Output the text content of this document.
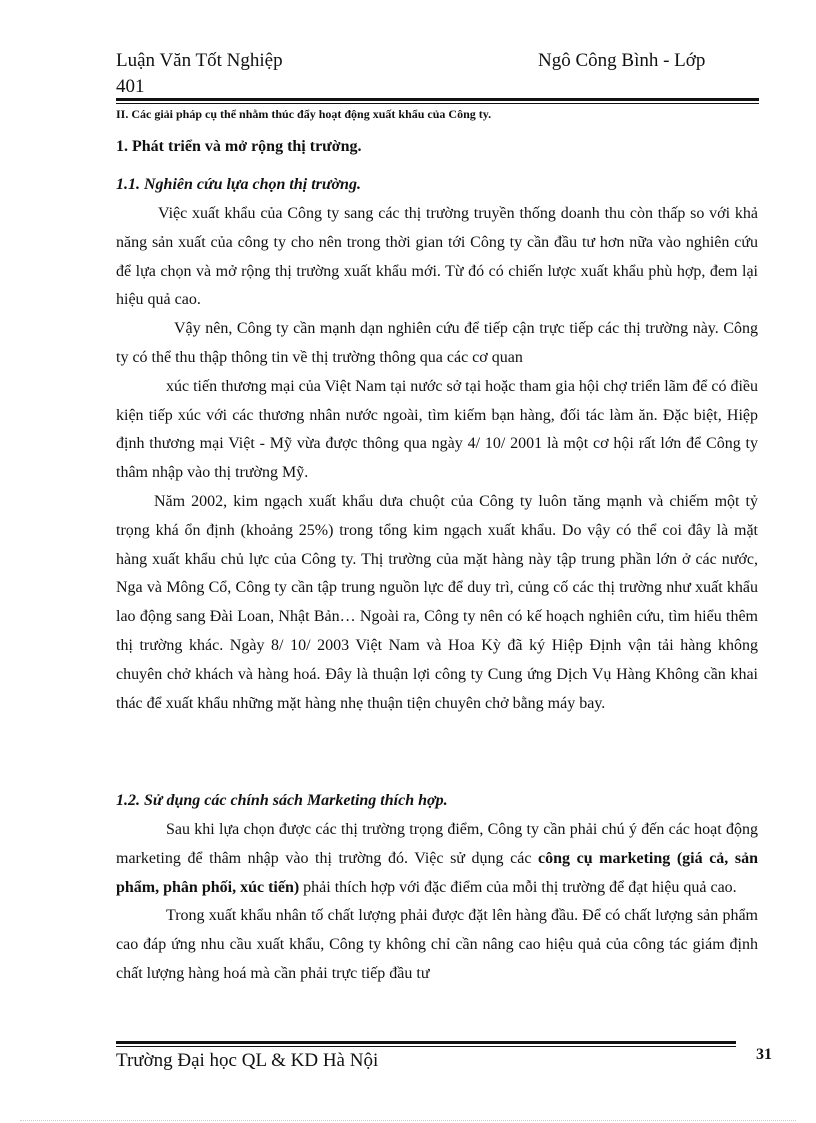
Luận Văn Tốt Nghiệp
401
Ngô Công Bình - Lớp
II. Các giải pháp cụ thể nhằm thúc đẩy hoạt động xuất khẩu của Công ty.
1. Phát triển và mở rộng thị trường.
1.1. Nghiên cứu lựa chọn thị trường.

Việc xuất khẩu của Công ty sang các thị trường truyền thống doanh thu còn thấp so với khả năng sản xuất của công ty cho nên trong thời gian tới Công ty cần đầu tư hơn nữa vào nghiên cứu để lựa chọn và mở rộng thị trường xuất khẩu mới. Từ đó có chiến lược xuất khẩu phù hợp, đem lại hiệu quả cao.

Vậy nên, Công ty cần mạnh dạn nghiên cứu để tiếp cận trực tiếp các thị trường này. Công ty có thể thu thập thông tin về thị trường thông qua các cơ quan
xúc tiến thương mại của Việt Nam tại nước sở tại hoặc tham gia hội chợ triển lãm để có điều kiện tiếp xúc với các thương nhân nước ngoài, tìm kiếm bạn hàng, đối tác làm ăn. Đặc biệt, Hiệp định thương mại Việt - Mỹ vừa được thông qua ngày 4/ 10/ 2001 là một cơ hội rất lớn để Công ty thâm nhập vào thị trường Mỹ.

Năm 2002, kim ngạch xuất khẩu dưa chuột của Công ty luôn tăng mạnh và chiếm một tỷ trọng khá ổn định (khoảng 25%) trong tổng kim ngạch xuất khẩu. Do vậy có thể coi đây là mặt hàng xuất khẩu chủ lực của Công ty. Thị trường của mặt hàng này tập trung phần lớn ở các nước, Nga và Mông Cổ, Công ty cần tập trung nguồn lực để duy trì, củng cố các thị trường như xuất khẩu lao động sang Đài Loan, Nhật Bản… Ngoài ra, Công ty nên có kế hoạch nghiên cứu, tìm hiểu thêm thị trường khác. Ngày 8/ 10/ 2003 Việt Nam và Hoa Kỳ đã ký Hiệp Định vận tải hàng không chuyên chở khách và hàng hoá. Đây là thuận lợi công ty Cung ứng Dịch Vụ Hàng Không cần khai thác để xuất khẩu những mặt hàng nhẹ thuận tiện chuyên chở bằng máy bay.

1.2. Sử dụng các chính sách Marketing thích hợp.

Sau khi lựa chọn được các thị trường trọng điểm, Công ty cần phải chú ý đến các hoạt động marketing để thâm nhập vào thị trường đó. Việc sử dụng các công cụ marketing (giá cả, sản phẩm, phân phối, xúc tiến) phải thích hợp với đặc điểm của mỗi thị trường để đạt hiệu quả cao.

Trong xuất khẩu nhân tố chất lượng phải được đặt lên hàng đầu. Để có chất lượng sản phẩm cao đáp ứng nhu cầu xuất khẩu, Công ty không chỉ cần nâng cao hiệu quả của công tác giám định chất lượng hàng hoá mà cần phải trực tiếp đầu tư

Trường Đại học QL & KD Hà Nội	31
